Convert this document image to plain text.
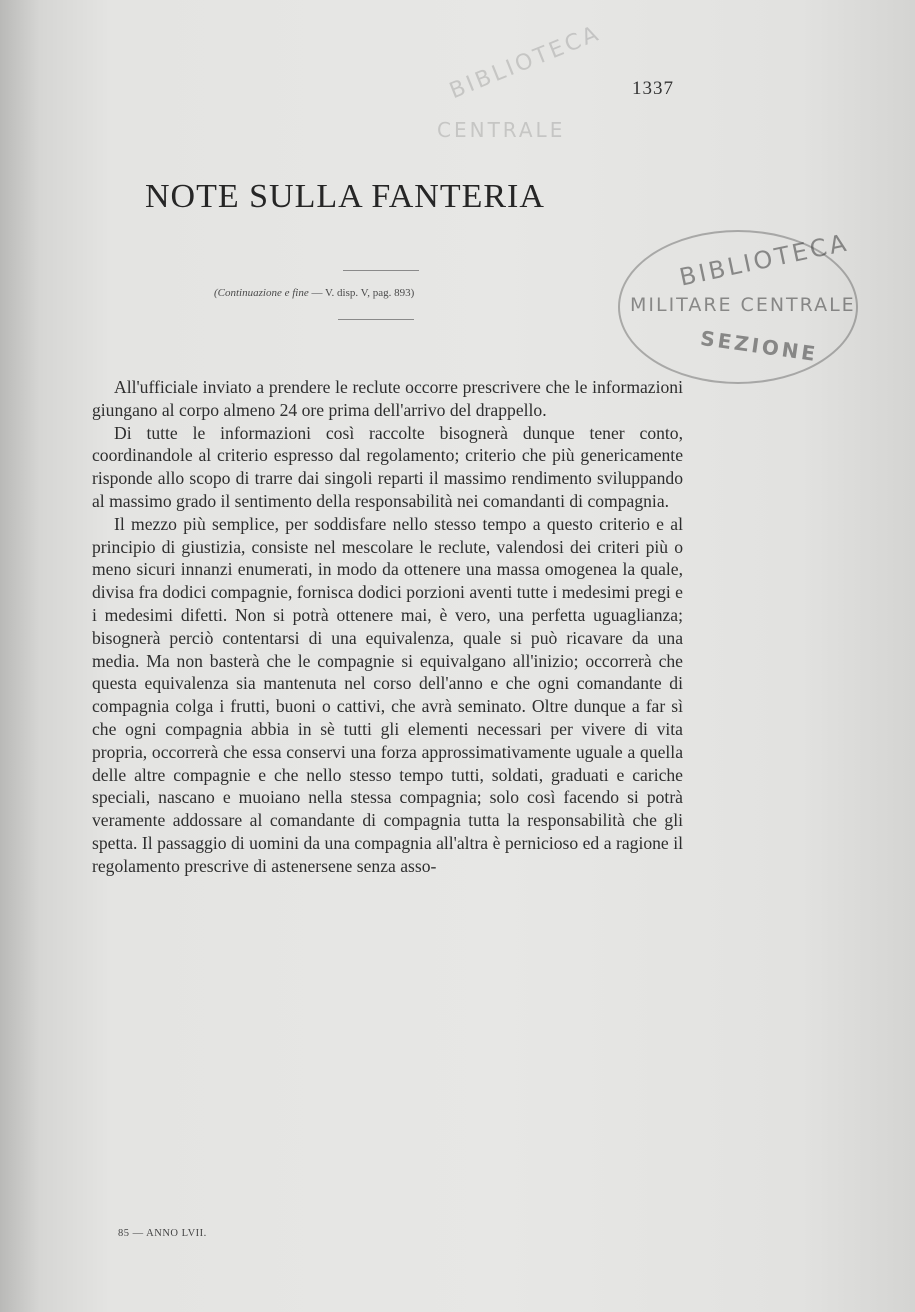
BIBLIOTECA
CENTRALE
1337
NOTE SULLA FANTERIA
(Continuazione e fine — V. disp. V, pag. 893)
BIBLIOTECA
MILITARE CENTRALE
SEZIONE

All'ufficiale inviato a prendere le reclute occorre prescrivere che le informazioni giungano al corpo almeno 24 ore prima dell'arrivo del drappello.

Di tutte le informazioni così raccolte bisognerà dunque tener conto, coordinandole al criterio espresso dal regolamento; criterio che più genericamente risponde allo scopo di trarre dai singoli reparti il massimo rendimento sviluppando al massimo grado il sentimento della responsabilità nei comandanti di compagnia.

Il mezzo più semplice, per soddisfare nello stesso tempo a questo criterio e al principio di giustizia, consiste nel mescolare le reclute, valendosi dei criteri più o meno sicuri innanzi enumerati, in modo da ottenere una massa omogenea la quale, divisa fra dodici compagnie, fornisca dodici porzioni aventi tutte i medesimi pregi e i medesimi difetti. Non si potrà ottenere mai, è vero, una perfetta uguaglianza; bisognerà perciò contentarsi di una equivalenza, quale si può ricavare da una media. Ma non basterà che le compagnie si equivalgano all'inizio; occorrerà che questa equivalenza sia mantenuta nel corso dell'anno e che ogni comandante di compagnia colga i frutti, buoni o cattivi, che avrà seminato. Oltre dunque a far sì che ogni compagnia abbia in sè tutti gli elementi necessari per vivere di vita propria, occorrerà che essa conservi una forza approssimativamente uguale a quella delle altre compagnie e che nello stesso tempo tutti, soldati, graduati e cariche speciali, nascano e muoiano nella stessa compagnia; solo così facendo si potrà veramente addossare al comandante di compagnia tutta la responsabilità che gli spetta. Il passaggio di uomini da una compagnia all'altra è pernicioso ed a ragione il regolamento prescrive di astenersene senza asso-

85 — ANNO LVII.
